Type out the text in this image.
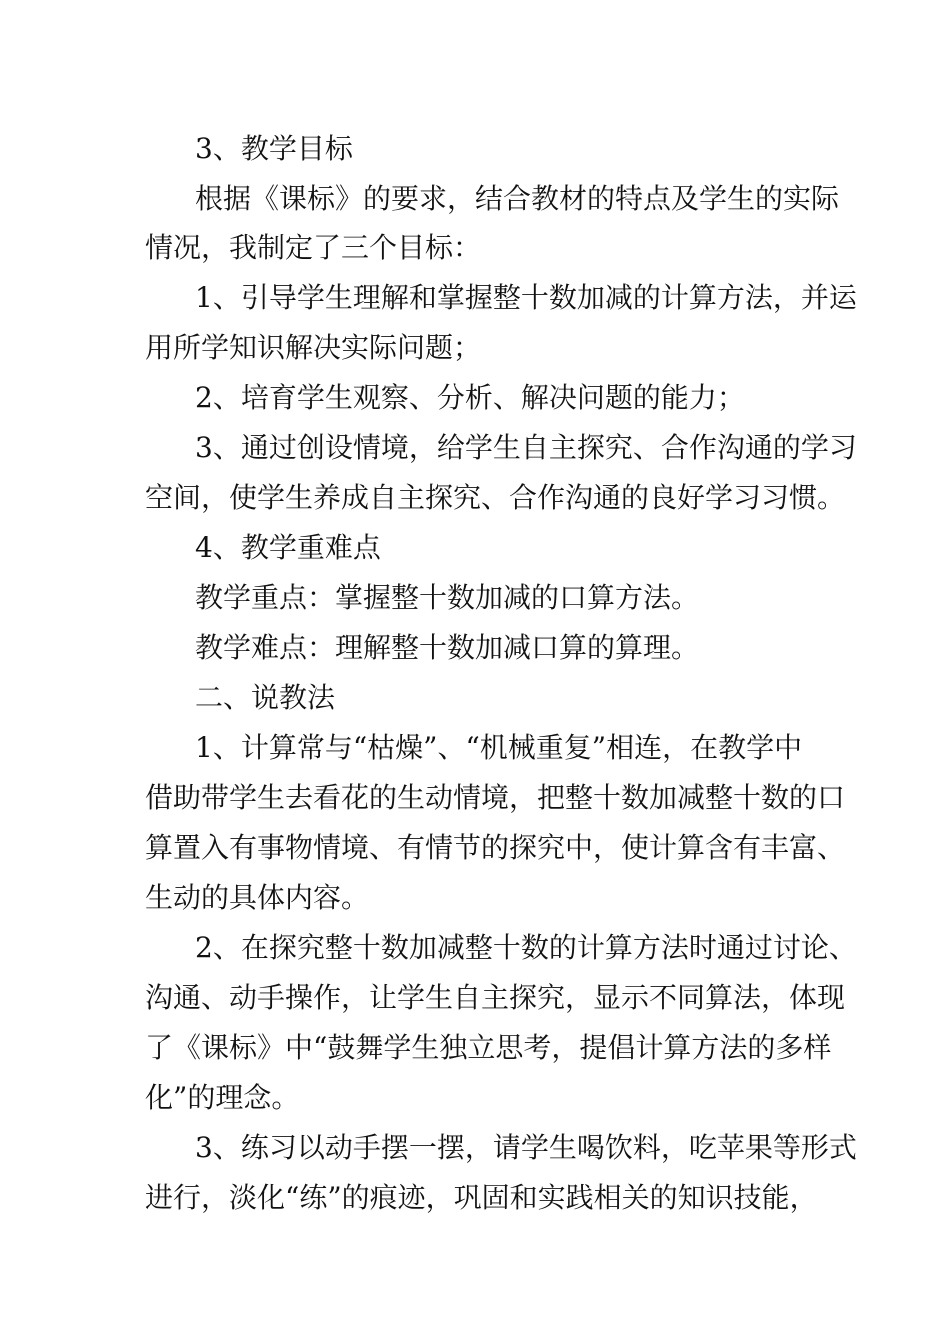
3、教学目标
根据《课标》的要求，结合教材的特点及学生的实际
情况，我制定了三个目标：
1、引导学生理解和掌握整十数加减的计算方法，并运
用所学知识解决实际问题；
2、培育学生观察、分析、解决问题的能力；
3、通过创设情境，给学生自主探究、合作沟通的学习
空间，使学生养成自主探究、合作沟通的良好学习习惯。
4、教学重难点
教学重点：掌握整十数加减的口算方法。
教学难点：理解整十数加减口算的算理。
二、说教法
1、计算常与“枯燥”、“机械重复”相连，在教学中
借助带学生去看花的生动情境，把整十数加减整十数的口
算置入有事物情境、有情节的探究中，使计算含有丰富、
生动的具体内容。
2、在探究整十数加减整十数的计算方法时通过讨论、
沟通、动手操作，让学生自主探究，显示不同算法，体现
了《课标》中“鼓舞学生独立思考，提倡计算方法的多样
化”的理念。
3、练习以动手摆一摆，请学生喝饮料，吃苹果等形式
进行，淡化“练”的痕迹，巩固和实践相关的知识技能，
